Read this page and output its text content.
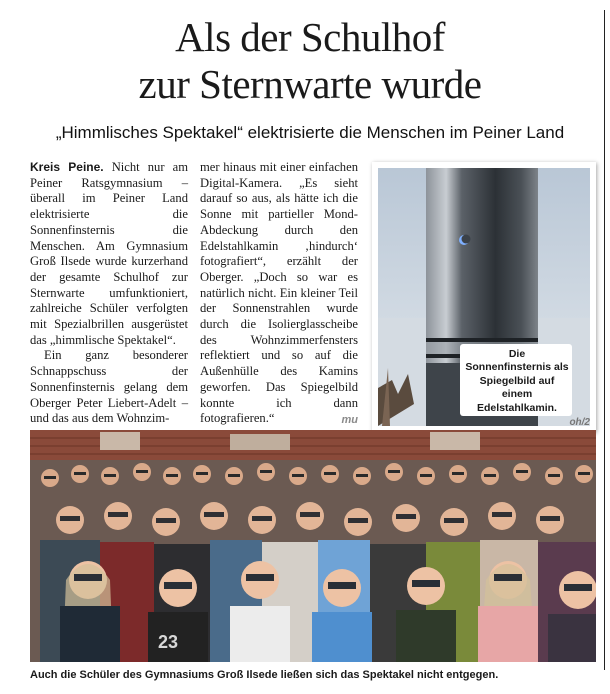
Als der Schulhof
zur Sternwarte wurde
„Himmlisches Spektakel“ elektrisierte die Menschen im Peiner Land

Kreis Peine. Nicht nur am Peiner Ratsgymnasium – überall im Peiner Land elektrisierte die Sonnenfinsternis die Menschen. Am Gymnasium Groß Ilsede wurde kurzerhand der gesamte Schulhof zur Sternwarte umfunktioniert, zahlreiche Schüler verfolgten mit Spezialbrillen ausgerüstet das „himmlische Spektakel“.

Ein ganz besonderer Schnappschuss der Sonnenfinsternis gelang dem Oberger Peter Liebert-Adelt – und das aus dem Wohnzim-

mer hinaus mit einer einfachen Digital-Kamera. „Es sieht darauf so aus, als hätte ich die Sonne mit partieller Mond-Abdeckung durch den Edelstahlkamin ‚hindurch‘ fotografiert“, erzählt der Oberger. „Doch so war es natürlich nicht. Ein kleiner Teil der Sonnenstrahlen wurde durch die Isolierglasscheibe des Wohnzimmerfensters reflektiert und so auf die Außenhülle des Kamins geworfen. Das Spiegelbild konnte ich dann fotografieren.“	mu
Die Sonnenfinsternis als Spiegelbild auf einem Edelstahlkamin.
oh/2
23
Auch die Schüler des Gymnasiums Groß Ilsede ließen sich das Spektakel nicht entgegen.
